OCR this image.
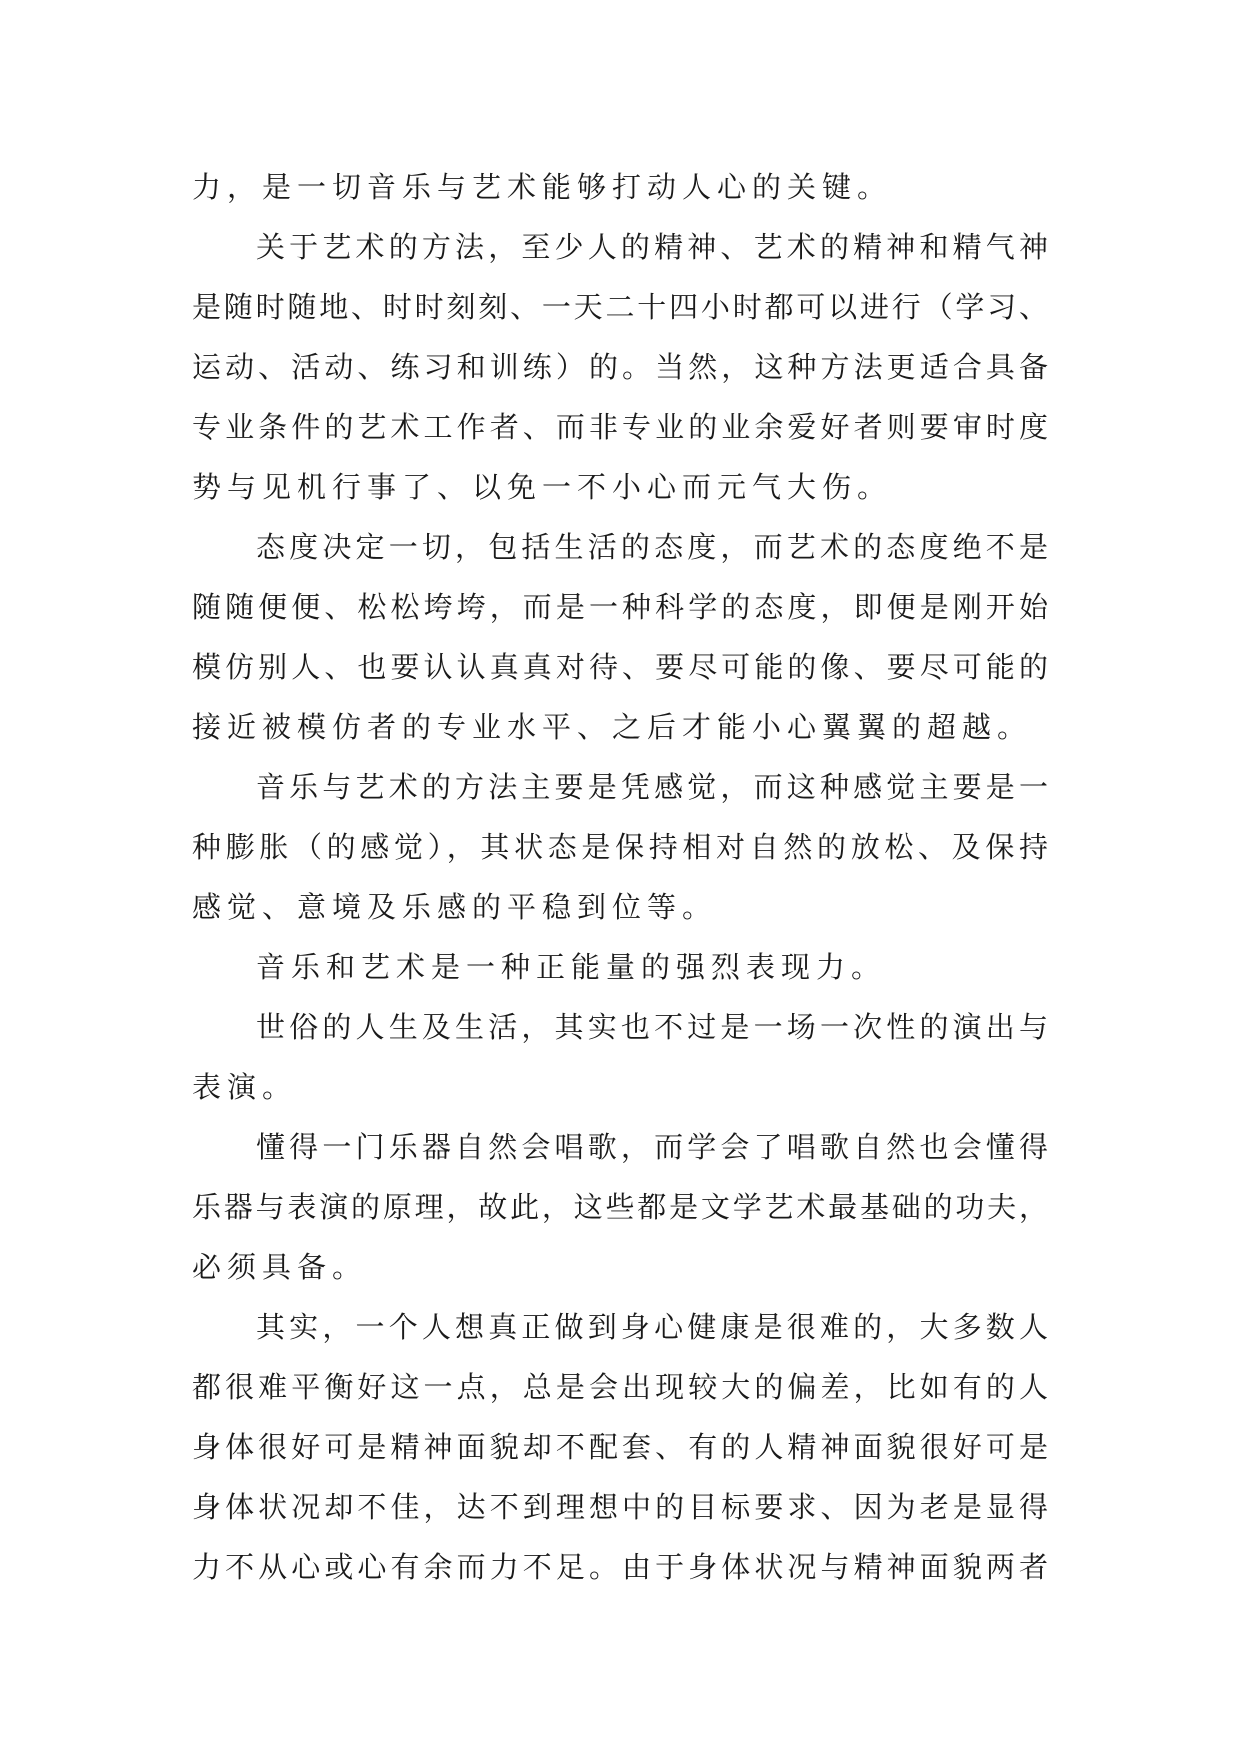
力，是一切音乐与艺术能够打动人心的关键。
关于艺术的方法，至少人的精神、艺术的精神和精气神
是随时随地、时时刻刻、一天二十四小时都可以进行（学习、
运动、活动、练习和训练）的。当然，这种方法更适合具备
专业条件的艺术工作者、而非专业的业余爱好者则要审时度
势与见机行事了、以免一不小心而元气大伤。
态度决定一切，包括生活的态度，而艺术的态度绝不是
随随便便、松松垮垮，而是一种科学的态度，即便是刚开始
模仿别人、也要认认真真对待、要尽可能的像、要尽可能的
接近被模仿者的专业水平、之后才能小心翼翼的超越。
音乐与艺术的方法主要是凭感觉，而这种感觉主要是一
种膨胀（的感觉），其状态是保持相对自然的放松、及保持
感觉、意境及乐感的平稳到位等。
音乐和艺术是一种正能量的强烈表现力。
世俗的人生及生活，其实也不过是一场一次性的演出与
表演。
懂得一门乐器自然会唱歌，而学会了唱歌自然也会懂得
乐器与表演的原理，故此，这些都是文学艺术最基础的功夫，
必须具备。
其实，一个人想真正做到身心健康是很难的，大多数人
都很难平衡好这一点，总是会出现较大的偏差，比如有的人
身体很好可是精神面貌却不配套、有的人精神面貌很好可是
身体状况却不佳，达不到理想中的目标要求、因为老是显得
力不从心或心有余而力不足。由于身体状况与精神面貌两者
